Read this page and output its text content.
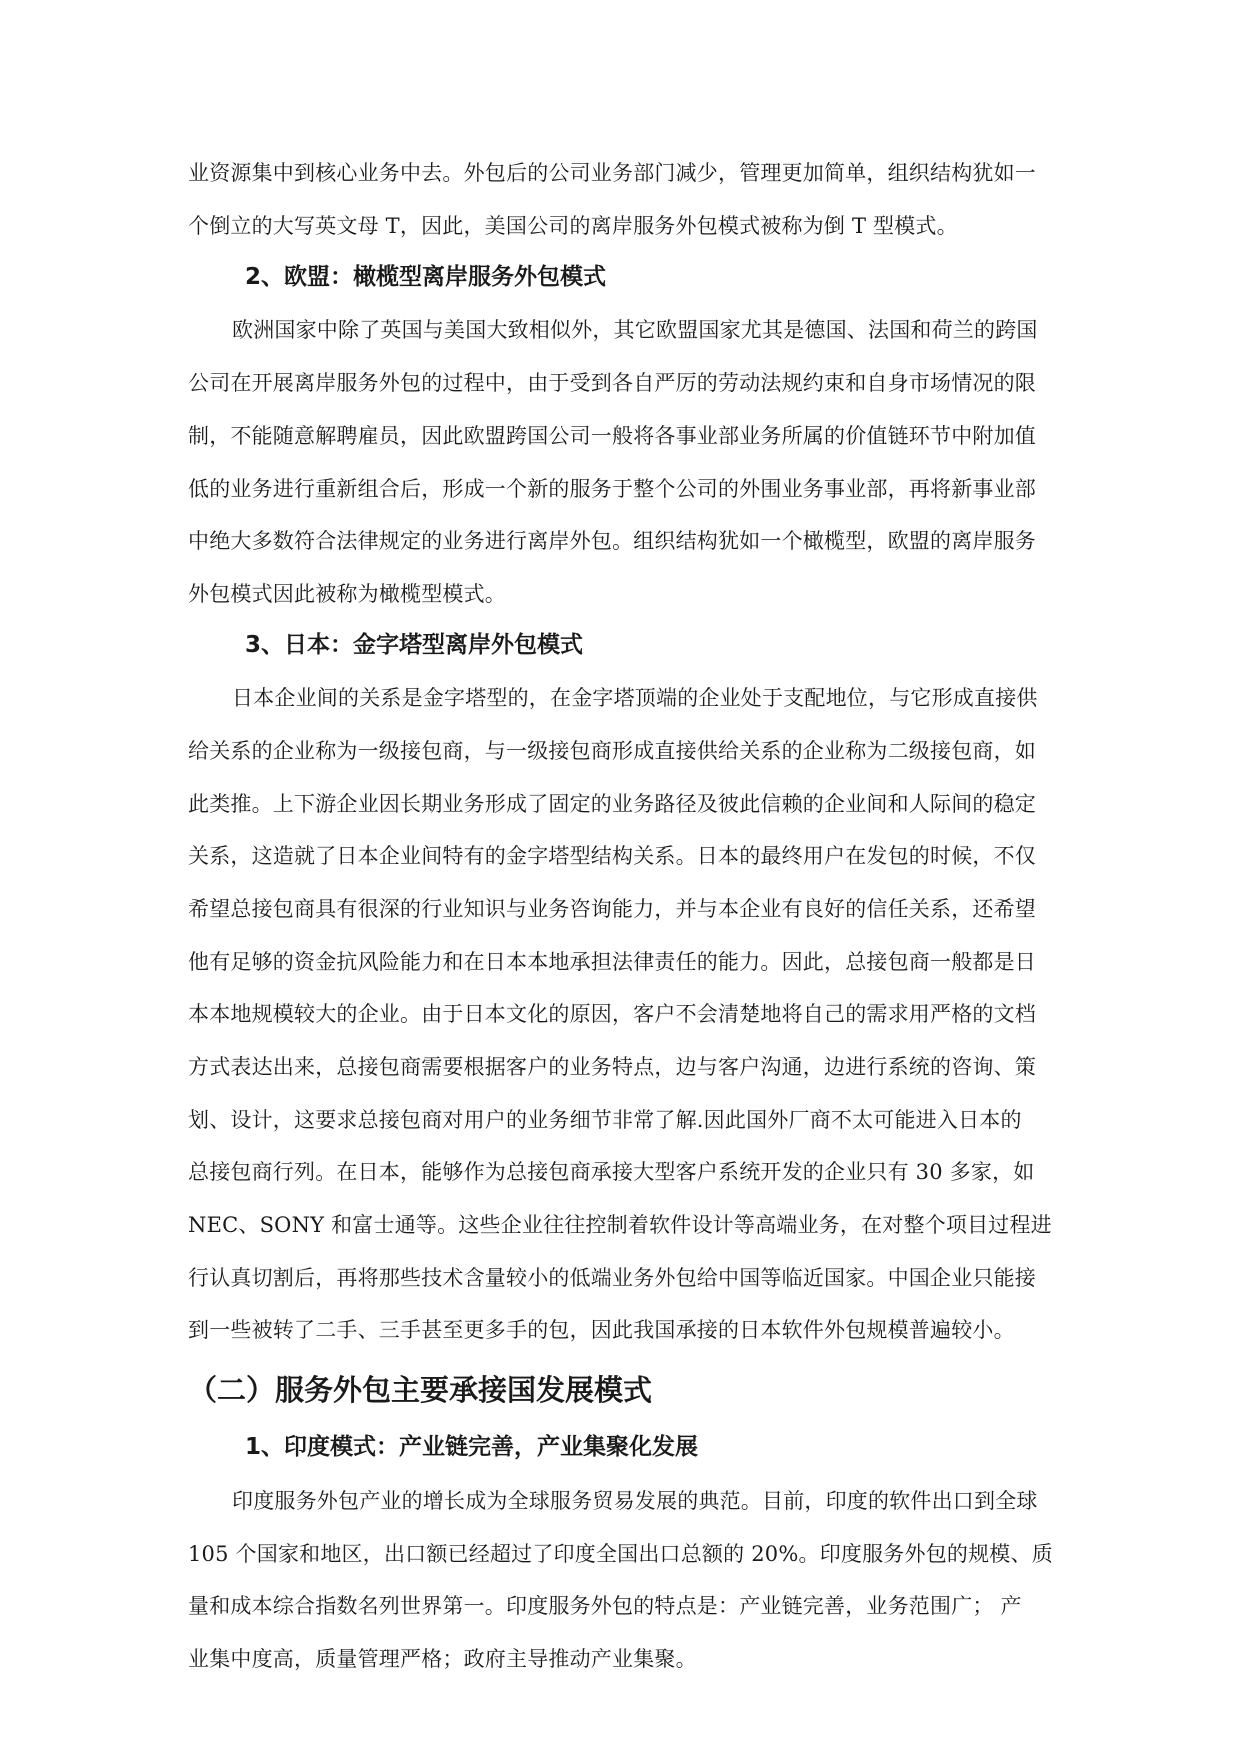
业资源集中到核心业务中去。外包后的公司业务部门减少，管理更加简单，组织结构犹如一
个倒立的大写英文母 T，因此，美国公司的离岸服务外包模式被称为倒 T 型模式。
2、欧盟：橄榄型离岸服务外包模式
欧洲国家中除了英国与美国大致相似外，其它欧盟国家尤其是德国、法国和荷兰的跨国
公司在开展离岸服务外包的过程中，由于受到各自严厉的劳动法规约束和自身市场情况的限
制，不能随意解聘雇员，因此欧盟跨国公司一般将各事业部业务所属的价值链环节中附加值
低的业务进行重新组合后，形成一个新的服务于整个公司的外围业务事业部，再将新事业部
中绝大多数符合法律规定的业务进行离岸外包。组织结构犹如一个橄榄型，欧盟的离岸服务
外包模式因此被称为橄榄型模式。
3、日本：金字塔型离岸外包模式
日本企业间的关系是金字塔型的，在金字塔顶端的企业处于支配地位，与它形成直接供
给关系的企业称为一级接包商，与一级接包商形成直接供给关系的企业称为二级接包商，如
此类推。上下游企业因长期业务形成了固定的业务路径及彼此信赖的企业间和人际间的稳定
关系，这造就了日本企业间特有的金字塔型结构关系。日本的最终用户在发包的时候，不仅
希望总接包商具有很深的行业知识与业务咨询能力，并与本企业有良好的信任关系，还希望
他有足够的资金抗风险能力和在日本本地承担法律责任的能力。因此，总接包商一般都是日
本本地规模较大的企业。由于日本文化的原因，客户不会清楚地将自己的需求用严格的文档
方式表达出来，总接包商需要根据客户的业务特点，边与客户沟通，边进行系统的咨询、策
划、设计，这要求总接包商对用户的业务细节非常了解.因此国外厂商不太可能进入日本的
总接包商行列。在日本，能够作为总接包商承接大型客户系统开发的企业只有 30 多家，如
NEC、SONY 和富士通等。这些企业往往控制着软件设计等高端业务，在对整个项目过程进
行认真切割后，再将那些技术含量较小的低端业务外包给中国等临近国家。中国企业只能接
到一些被转了二手、三手甚至更多手的包，因此我国承接的日本软件外包规模普遍较小。
（二）服务外包主要承接国发展模式
1、印度模式：产业链完善，产业集聚化发展
印度服务外包产业的增长成为全球服务贸易发展的典范。目前，印度的软件出口到全球
105 个国家和地区，出口额已经超过了印度全国出口总额的 20%。印度服务外包的规模、质
量和成本综合指数名列世界第一。印度服务外包的特点是：产业链完善，业务范围广； 产
业集中度高，质量管理严格；政府主导推动产业集聚。
